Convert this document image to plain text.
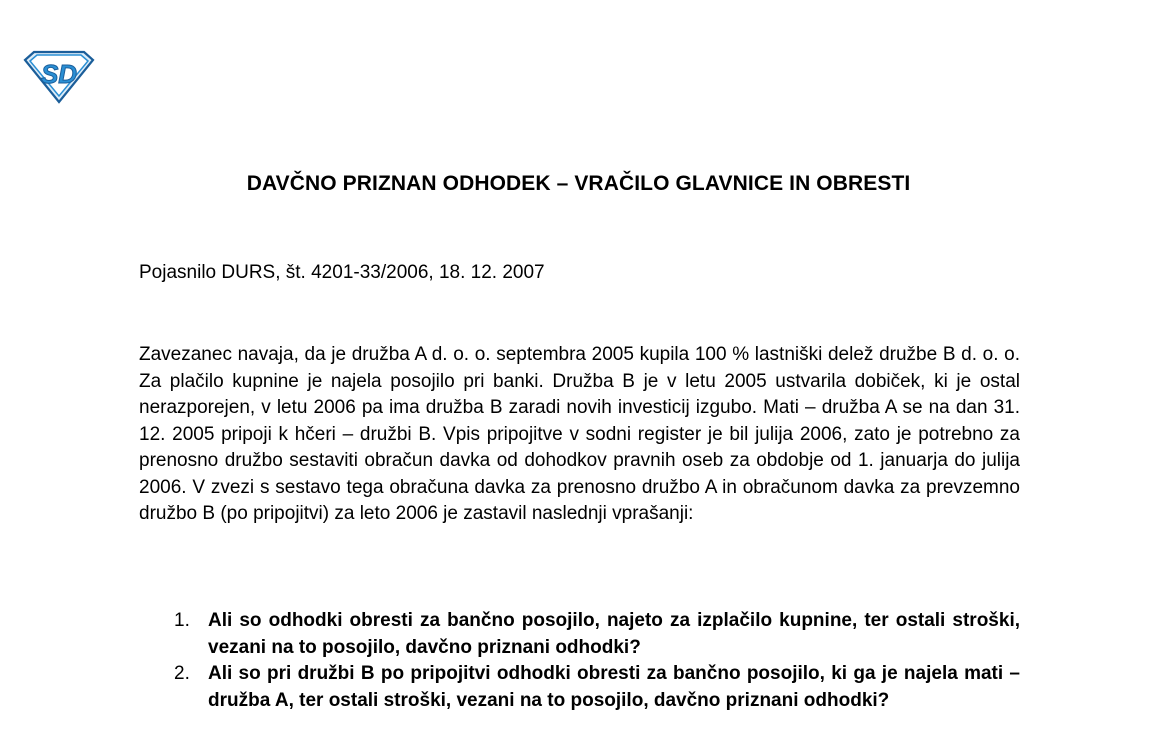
SD
DAVČNO PRIZNAN ODHODEK – VRAČILO GLAVNICE IN OBRESTI
Pojasnilo DURS, št. 4201-33/2006, 18. 12. 2007

Zavezanec navaja, da je družba A d. o. o. septembra 2005 kupila 100 % lastniški delež družbe B d. o. o. Za plačilo kupnine je najela posojilo pri banki. Družba B je v letu 2005 ustvarila dobiček, ki je ostal nerazporejen, v letu 2006 pa ima družba B zaradi novih investicij izgubo. Mati – družba A se na dan 31. 12. 2005 pripoji k hčeri – družbi B. Vpis pripojitve v sodni register je bil julija 2006, zato je potrebno za prenosno družbo sestaviti obračun davka od dohodkov pravnih oseb za obdobje od 1. januarja do julija 2006. V zvezi s sestavo tega obračuna davka za prenosno družbo A in obračunom davka za prevzemno družbo B (po pripojitvi) za leto 2006 je zastavil naslednji vprašanji:

1. Ali so odhodki obresti za bančno posojilo, najeto za izplačilo kupnine, ter ostali stroški, vezani na to posojilo, davčno priznani odhodki?
2. Ali so pri družbi B po pripojitvi odhodki obresti za bančno posojilo, ki ga je najela mati – družba A, ter ostali stroški, vezani na to posojilo, davčno priznani odhodki?
